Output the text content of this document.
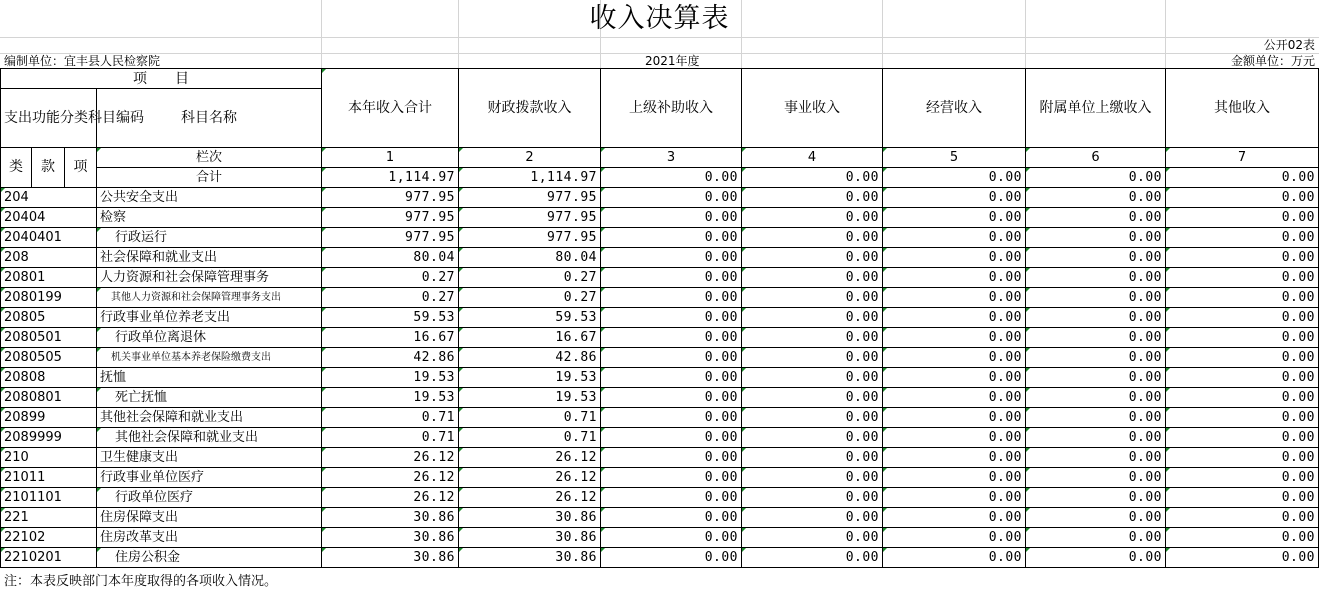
收入决算表
公开02表
编制单位：宜丰县人民检察院	2021年度	金额单位：万元
项　　目				本年收入合计	财政拨款收入	上级补助收入	事业收入	经营收入	附属单位上缴收入	其他收入
支出功能分类科目编码			科目名称							

类	款	项	栏次	1	2	3	4	5	6	7
			合计	1,114.97	1,114.97	0.00	0.00	0.00	0.00	0.00
204			公共安全支出	977.95	977.95	0.00	0.00	0.00	0.00	0.00
20404			检察	977.95	977.95	0.00	0.00	0.00	0.00	0.00
2040401			行政运行	977.95	977.95	0.00	0.00	0.00	0.00	0.00
208			社会保障和就业支出	80.04	80.04	0.00	0.00	0.00	0.00	0.00
20801			人力资源和社会保障管理事务	0.27	0.27	0.00	0.00	0.00	0.00	0.00
2080199			其他人力资源和社会保障管理事务支出	0.27	0.27	0.00	0.00	0.00	0.00	0.00
20805			行政事业单位养老支出	59.53	59.53	0.00	0.00	0.00	0.00	0.00
2080501			行政单位离退休	16.67	16.67	0.00	0.00	0.00	0.00	0.00
2080505			机关事业单位基本养老保险缴费支出	42.86	42.86	0.00	0.00	0.00	0.00	0.00
20808			抚恤	19.53	19.53	0.00	0.00	0.00	0.00	0.00
2080801			死亡抚恤	19.53	19.53	0.00	0.00	0.00	0.00	0.00
20899			其他社会保障和就业支出	0.71	0.71	0.00	0.00	0.00	0.00	0.00
2089999			其他社会保障和就业支出	0.71	0.71	0.00	0.00	0.00	0.00	0.00
210			卫生健康支出	26.12	26.12	0.00	0.00	0.00	0.00	0.00
21011			行政事业单位医疗	26.12	26.12	0.00	0.00	0.00	0.00	0.00
2101101			行政单位医疗	26.12	26.12	0.00	0.00	0.00	0.00	0.00
221			住房保障支出	30.86	30.86	0.00	0.00	0.00	0.00	0.00
22102			住房改革支出	30.86	30.86	0.00	0.00	0.00	0.00	0.00
2210201			住房公积金	30.86	30.86	0.00	0.00	0.00	0.00	0.00
注：本表反映部门本年度取得的各项收入情况。
